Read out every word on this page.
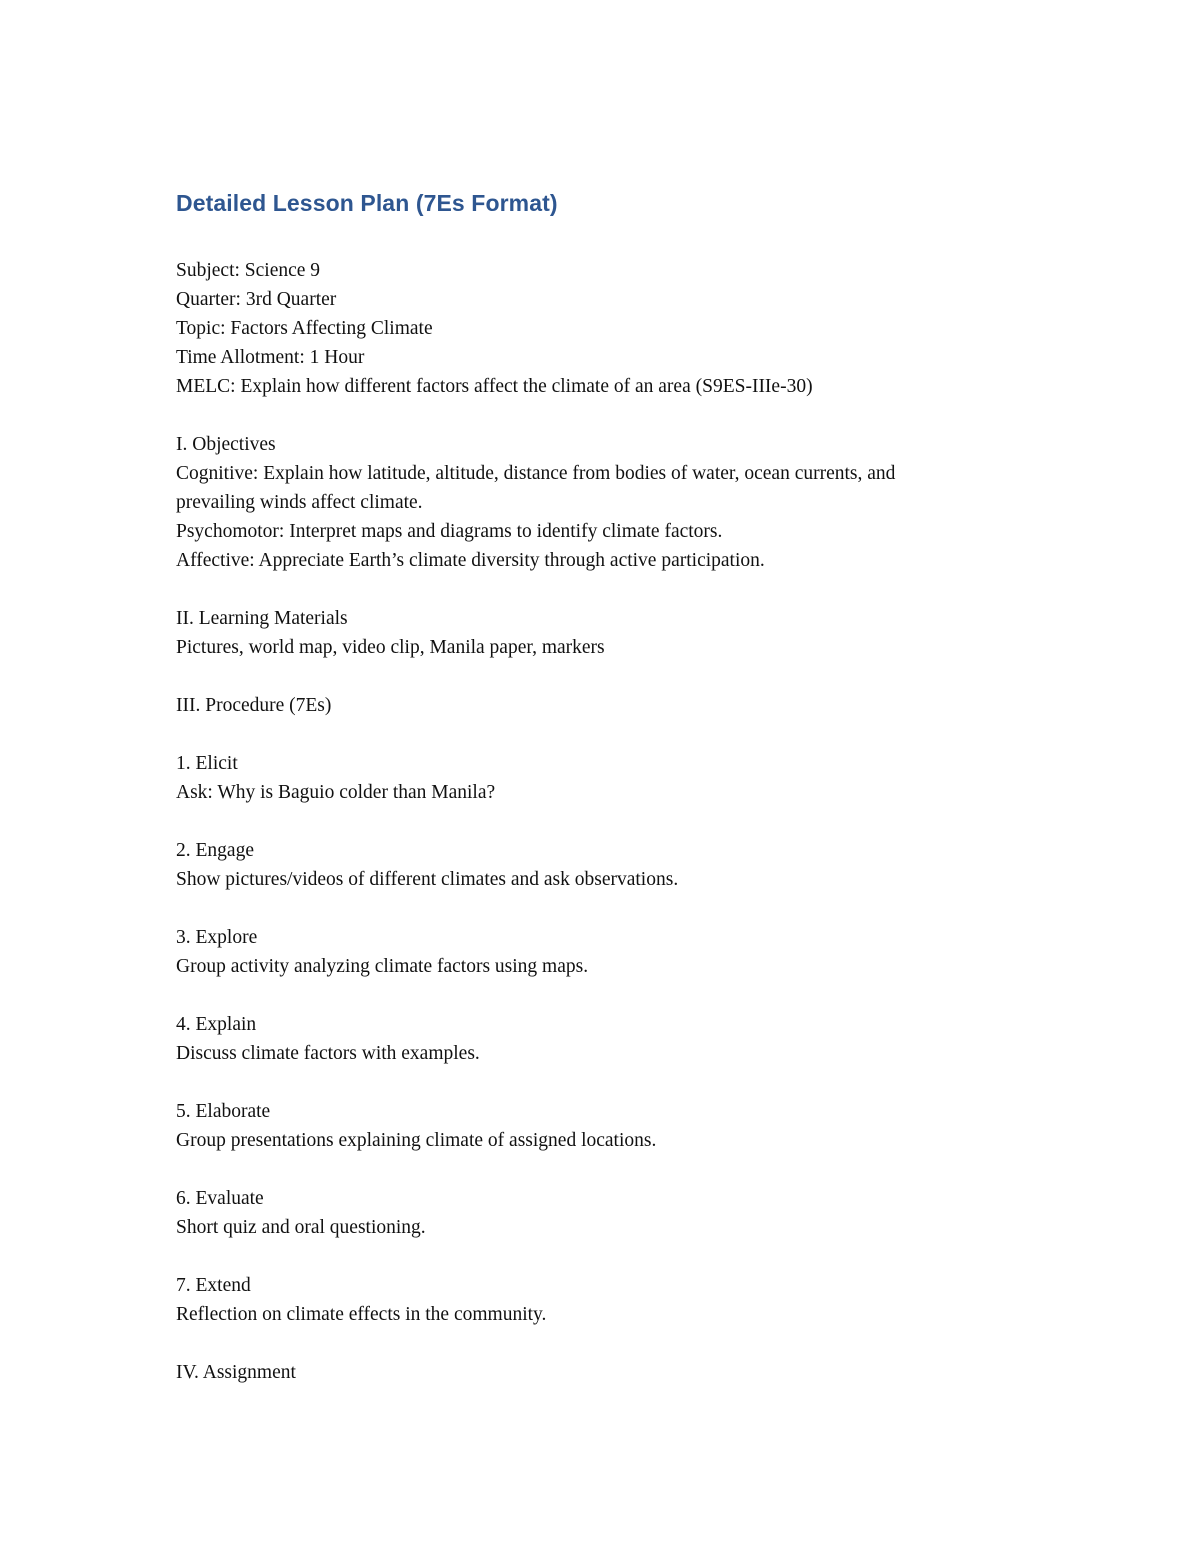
Detailed Lesson Plan (7Es Format)
Subject: Science 9
Quarter: 3rd Quarter
Topic: Factors Affecting Climate
Time Allotment: 1 Hour
MELC: Explain how different factors affect the climate of an area (S9ES-IIIe-30)
I. Objectives
Cognitive: Explain how latitude, altitude, distance from bodies of water, ocean currents, and
prevailing winds affect climate.
Psychomotor: Interpret maps and diagrams to identify climate factors.
Affective: Appreciate Earth’s climate diversity through active participation.
II. Learning Materials
Pictures, world map, video clip, Manila paper, markers
III. Procedure (7Es)
1. Elicit
Ask: Why is Baguio colder than Manila?
2. Engage
Show pictures/videos of different climates and ask observations.
3. Explore
Group activity analyzing climate factors using maps.
4. Explain
Discuss climate factors with examples.
5. Elaborate
Group presentations explaining climate of assigned locations.
6. Evaluate
Short quiz and oral questioning.
7. Extend
Reflection on climate effects in the community.
IV. Assignment
